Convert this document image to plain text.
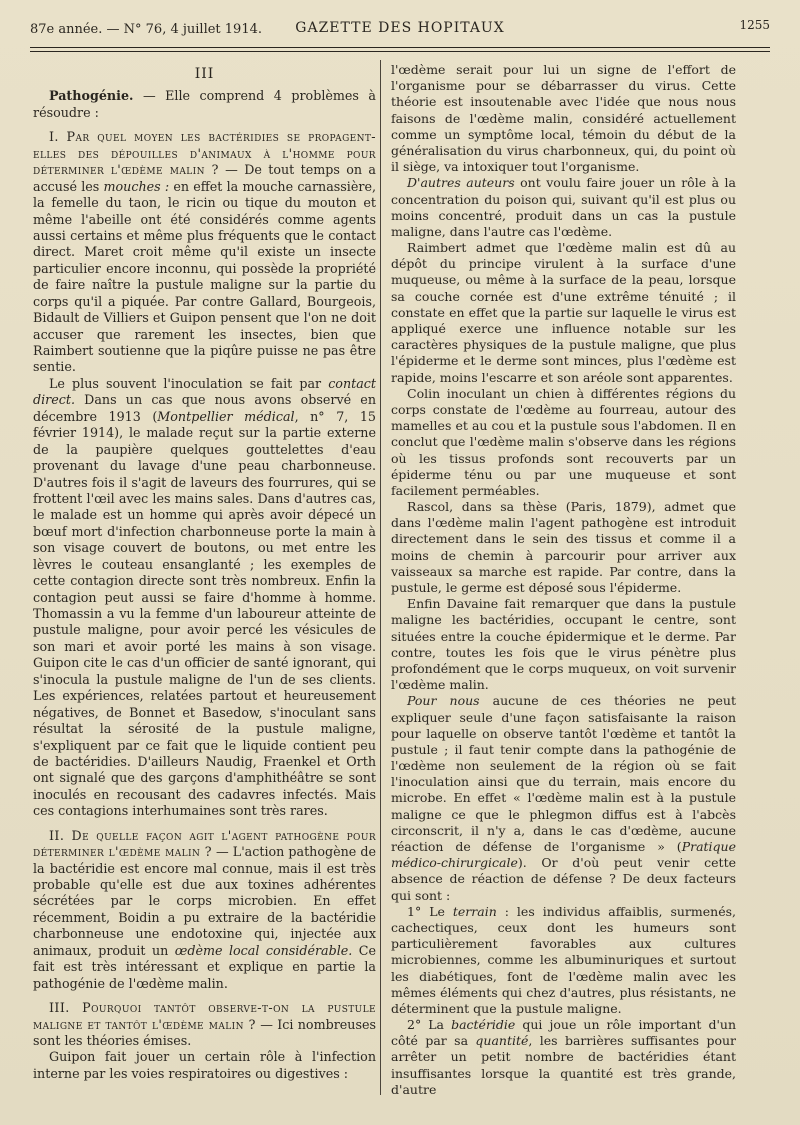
87e année. — N° 76, 4 juillet 1914.	GAZETTE DES HOPITAUX	1255
III

Pathogénie. — Elle comprend 4 problèmes à résoudre :

I. Par quel moyen les bactéridies se propagent-elles des dépouilles d'animaux à l'homme pour déterminer l'œdème malin ? — De tout temps on a accusé les mouches : en effet la mouche carnassière, la femelle du taon, le ricin ou tique du mouton et même l'abeille ont été considérés comme agents aussi certains et même plus fréquents que le contact direct. Maret croit même qu'il existe un insecte particulier encore inconnu, qui possède la propriété de faire naître la pustule maligne sur la partie du corps qu'il a piquée. Par contre Gallard, Bourgeois, Bidault de Villiers et Guipon pensent que l'on ne doit accuser que rarement les insectes, bien que Raimbert soutienne que la piqûre puisse ne pas être sentie.

Le plus souvent l'inoculation se fait par contact direct. Dans un cas que nous avons observé en décembre 1913 (Montpellier médical, n° 7, 15 février 1914), le malade reçut sur la partie externe de la paupière quelques gouttelettes d'eau provenant du lavage d'une peau charbonneuse. D'autres fois il s'agit de laveurs des fourrures, qui se frottent l'œil avec les mains sales. Dans d'autres cas, le malade est un homme qui après avoir dépecé un bœuf mort d'infection charbonneuse porte la main à son visage couvert de boutons, ou met entre les lèvres le couteau ensanglanté ; les exemples de cette contagion directe sont très nombreux. Enfin la contagion peut aussi se faire d'homme à homme. Thomassin a vu la femme d'un laboureur atteinte de pustule maligne, pour avoir percé les vésicules de son mari et avoir porté les mains à son visage. Guipon cite le cas d'un officier de santé ignorant, qui s'inocula la pustule maligne de l'un de ses clients. Les expériences, relatées partout et heureusement négatives, de Bonnet et Basedow, s'inoculant sans résultat la sérosité de la pustule maligne, s'expliquent par ce fait que le liquide contient peu de bactéridies. D'ailleurs Naudig, Fraenkel et Orth ont signalé que des garçons d'amphithéâtre se sont inoculés en recousant des cadavres infectés. Mais ces contagions interhumaines sont très rares.

II. De quelle façon agit l'agent pathogène pour déterminer l'œdème malin ? — L'action pathogène de la bactéridie est encore mal connue, mais il est très probable qu'elle est due aux toxines adhérentes sécrétées par le corps microbien. En effet récemment, Boidin a pu extraire de la bactéridie charbonneuse une endotoxine qui, injectée aux animaux, produit un œdème local considérable. Ce fait est très intéressant et explique en partie la pathogénie de l'œdème malin.

III. Pourquoi tantôt observe-t-on la pustule maligne et tantôt l'œdème malin ? — Ici nombreuses sont les théories émises.

Guipon fait jouer un certain rôle à l'infection interne par les voies respiratoires ou digestives :

l'œdème serait pour lui un signe de l'effort de l'organisme pour se débarrasser du virus. Cette théorie est insoutenable avec l'idée que nous nous faisons de l'œdème malin, considéré actuellement comme un symptôme local, témoin du début de la généralisation du virus charbonneux, qui, du point où il siège, va intoxiquer tout l'organisme.

D'autres auteurs ont voulu faire jouer un rôle à la concentration du poison qui, suivant qu'il est plus ou moins concentré, produit dans un cas la pustule maligne, dans l'autre cas l'œdème.

Raimbert admet que l'œdème malin est dû au dépôt du principe virulent à la surface d'une muqueuse, ou même à la surface de la peau, lorsque sa couche cornée est d'une extrême ténuité ; il constate en effet que la partie sur laquelle le virus est appliqué exerce une influence notable sur les caractères physiques de la pustule maligne, que plus l'épiderme et le derme sont minces, plus l'œdème est rapide, moins l'escarre et son aréole sont apparentes.

Colin inoculant un chien à différentes régions du corps constate de l'œdème au fourreau, autour des mamelles et au cou et la pustule sous l'abdomen. Il en conclut que l'œdème malin s'observe dans les régions où les tissus profonds sont recouverts par un épiderme ténu ou par une muqueuse et sont facilement perméables.

Rascol, dans sa thèse (Paris, 1879), admet que dans l'œdème malin l'agent pathogène est introduit directement dans le sein des tissus et comme il a moins de chemin à parcourir pour arriver aux vaisseaux sa marche est rapide. Par contre, dans la pustule, le germe est déposé sous l'épiderme.

Enfin Davaine fait remarquer que dans la pustule maligne les bactéridies, occupant le centre, sont situées entre la couche épidermique et le derme. Par contre, toutes les fois que le virus pénètre plus profondément que le corps muqueux, on voit survenir l'œdème malin.

Pour nous aucune de ces théories ne peut expliquer seule d'une façon satisfaisante la raison pour laquelle on observe tantôt l'œdème et tantôt la pustule ; il faut tenir compte dans la pathogénie de l'œdème non seulement de la région où se fait l'inoculation ainsi que du terrain, mais encore du microbe. En effet « l'œdème malin est à la pustule maligne ce que le phlegmon diffus est à l'abcès circonscrit, il n'y a, dans le cas d'œdème, aucune réaction de défense de l'organisme » (Pratique médico-chirurgicale). Or d'où peut venir cette absence de réaction de défense ? De deux facteurs qui sont :

1° Le terrain : les individus affaiblis, surmenés, cachectiques, ceux dont les humeurs sont particulièrement favorables aux cultures microbiennes, comme les albuminuriques et surtout les diabétiques, font de l'œdème malin avec les mêmes éléments qui chez d'autres, plus résistants, ne déterminent que la pustule maligne.

2° La bactéridie qui joue un rôle important d'un côté par sa quantité, les barrières suffisantes pour arrêter un petit nombre de bactéridies étant insuffisantes lorsque la quantité est très grande, d'autre
